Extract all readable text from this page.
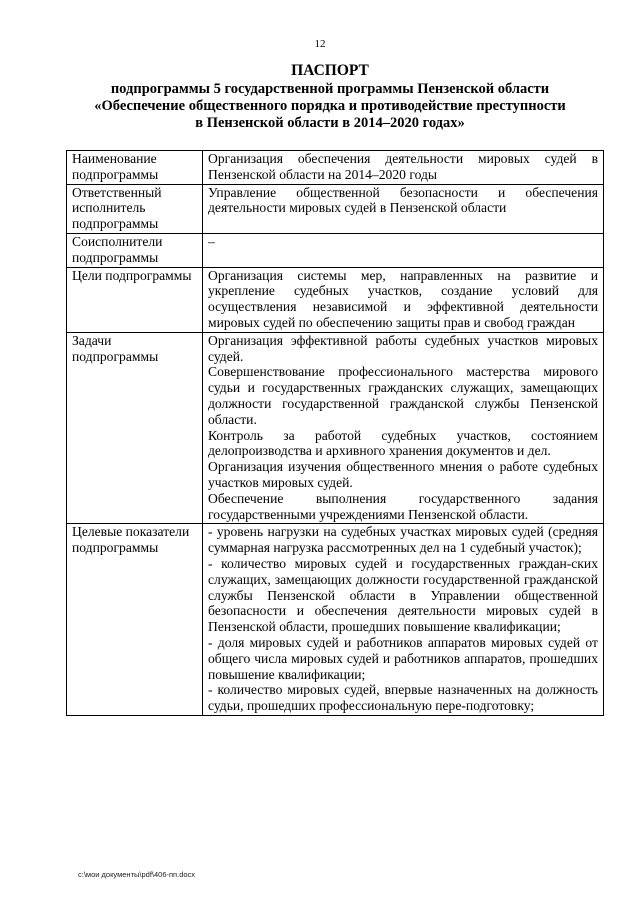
12
ПАСПОРТ
подпрограммы 5 государственной программы Пензенской области
«Обеспечение общественного порядка и противодействие преступности
в Пензенской области в 2014–2020 годах»
Наименование подпрограммы	Организация обеспечения деятельности мировых судей в Пензенской области на 2014–2020 годы

Ответственный исполнитель подпрограммы	Управление общественной безопасности и обеспечения деятельности мировых судей в Пензенской области

Соисполнители подпрограммы	–

Цели подпрограммы	Организация системы мер, направленных на развитие и укрепление судебных участков, создание условий для осуществления независимой и эффективной деятельности мировых судей по обеспечению защиты прав и свобод граждан

Задачи подпрограммы	Организация эффективной работы судебных участков мировых судей.

Совершенствование профессионального мастерства мирового судьи и государственных гражданских служащих, замещающих должности государственной гражданской службы Пензенской области.

Контроль за работой судебных участков, состоянием делопроизводства и архивного хранения документов и дел.

Организация изучения общественного мнения о работе судебных участков мировых судей.

Обеспечение выполнения государственного задания государственными учреждениями Пензенской области.

Целевые показатели подпрограммы	- уровень нагрузки на судебных участках мировых судей (средняя суммарная нагрузка рассмотренных дел на 1 судебный участок);

- количество мировых судей и государственных граждан-ских служащих, замещающих должности государственной гражданской службы Пензенской области в Управлении общественной безопасности и обеспечения деятельности мировых судей в Пензенской области, прошедших повышение квалификации;

- доля мировых судей и работников аппаратов мировых судей от общего числа мировых судей и работников аппаратов, прошедших повышение квалификации;

- количество мировых судей, впервые назначенных на должность судьи, прошедших профессиональную пере-подготовку;

c:\мои документы\pdf\406-пп.docx
